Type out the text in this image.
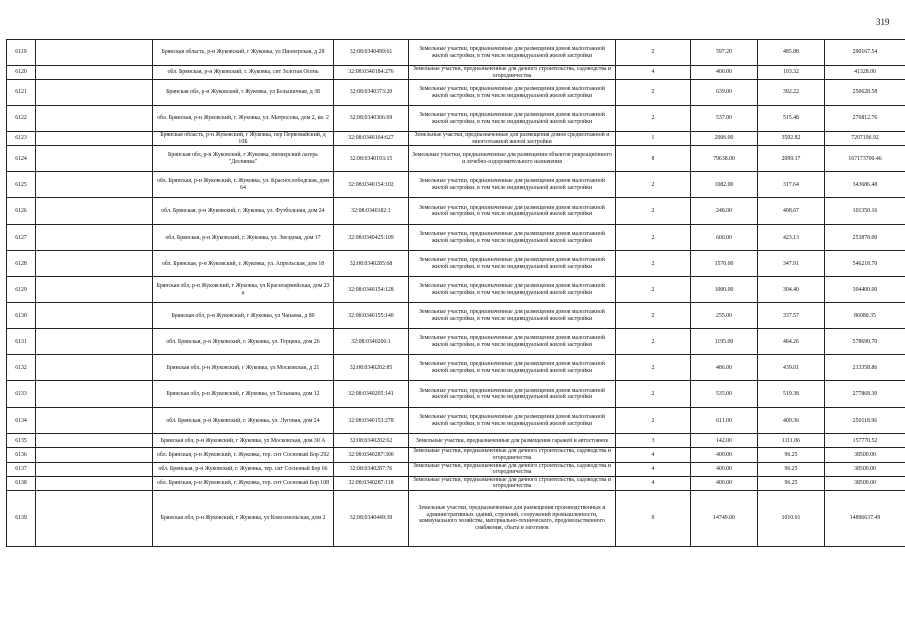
319
6119		Брянская область, р-н Жуковский, г Жуковка, ул Пионерская, д 28	32:08:0340499:61	Земельные участки, предназначенные для размещения домов малоэтажной жилой застройки, в том числе индивидуальной жилой застройки	2	597.20	485.88	290167.54
6120		обл. Брянская, р-н Жуковский, г. Жуковка, снт Золотая Осень	32:08:0340184:276	Земельные участки, предназначенные для дачного строительства, садоводства и огородничества	4	400.00	103.32	41328.00
6121		Брянская обл, р-н Жуковский, г Жуковка, ул Большичная, д 38	32:08:0340373:20	Земельные участки, предназначенные для размещения домов малоэтажной жилой застройки, в том числе индивидуальной жилой застройки	2	639.00	392.22	250628.58
6122		обл. Брянская, р-н Жуковский, г. Жуковка, ул. Матросова, дом 2, кв. 2	32:08:0340366:69	Земельные участки, предназначенные для размещения домов малоэтажной жилой застройки, в том числе индивидуальной жилой застройки	2	537.00	515.48	276812.76
6123		Брянская область, р-н Жуковский, г Жуковка, пер Первомайский, д 10Б	32:08:0340164:627	Земельные участки, предназначенные для размещения домов среднеэтажной и многоэтажной жилой застройки	1	2006.00	3592.82	7207196.92
6124		Брянская обл, р-н Жуковский, г Жуковка, пионерский лагерь "Деснянка"	32:08:0340193:15	Земельные участки, предназначенные для размещения объектов рекреационного и лечебно-оздоровительного назначения	8	79638.00	2099.17	167173700.46
6125		обл. Брянская, р-н Жуковский, г. Жуковка, ул. Краснослободская, дом 64	32:08:0340154:102	Земельные участки, предназначенные для размещения домов малоэтажной жилой застройки, в том числе индивидуальной жилой застройки	2	1082.00	317.64	343686.48
6126		обл. Брянская, р-н Жуковский, г. Жуковка, ул. Футбольная, дом 24	32:08:0340182:1	Земельные участки, предназначенные для размещения домов малоэтажной жилой застройки, в том числе индивидуальной жилой застройки	2	248.00	408.67	101350.16
6127		обл. Брянская, р-н Жуковский, г. Жуковка, ул. Звездная, дом 17	32:08:0340425:109	Земельные участки, предназначенные для размещения домов малоэтажной жилой застройки, в том числе индивидуальной жилой застройки	2	600.00	423.13	253878.00
6128		обл. Брянская, р-н Жуковский, г. Жуковка, ул. Апрельская, дом 18	32:08:0340285:68	Земельные участки, предназначенные для размещения домов малоэтажной жилой застройки, в том числе индивидуальной жилой застройки	2	1570.00	347.91	546218.70
6129		Брянская обл, р-н Жуковский, г Жуковка, ул Красноармейская, дом 23 а	32:08:0340154:128	Земельные участки, предназначенные для размещения домов малоэтажной жилой застройки, в том числе индивидуальной жилой застройки	2	1000.00	304.40	304400.00
6130		Брянская обл, р-н Жуковский, г Жуковка, ул Чапаева, д 80	32:08:0340155:140	Земельные участки, предназначенные для размещения домов малоэтажной жилой застройки, в том числе индивидуальной жилой застройки	2	255.00	337.57	86080.35
6131		обл. Брянская, р-н Жуковский, г. Жуковка, ул. Герцена, дом 26	32:08:0340206:1	Земельные участки, предназначенные для размещения домов малоэтажной жилой застройки, в том числе индивидуальной жилой застройки	2	1195.00	484.26	578690.70
6132		Брянская обл, р-н Жуковский, г Жуковка, ул Московская, д 21	32:08:0340202:85	Земельные участки, предназначенные для размещения домов малоэтажной жилой застройки, в том числе индивидуальной жилой застройки	2	486.00	439.01	213358.86
6133		Брянская обл, р-н Жуковский, г Жуковка, ул Тельмана, дом 12	32:08:0340205:141	Земельные участки, предназначенные для размещения домов малоэтажной жилой застройки, в том числе индивидуальной жилой застройки	2	535.00	519.38	277868.30
6134		обл. Брянская, р-н Жуковский, г. Жуковка, ул. Луговая, дом 24	32:08:0340153:278	Земельные участки, предназначенные для размещения домов малоэтажной жилой застройки, в том числе индивидуальной жилой застройки	2	611.00	409.36	250118.96
6135		Брянская обл, р-н Жуковский, г Жуковка, ул Московская, дом 30 А	32:08:0340202:62	Земельные участки, предназначенные для размещения гаражей и автостоянок	3	142.00	1111.06	157770.52
6136		обл. Брянская, р-н Жуковский, г. Жуковка, тер. снт Сосновый Бор 292	32:08:0340287:300	Земельные участки, предназначенные для дачного строительства, садоводства и огородничества	4	400.00	96.25	38500.00
6137		обл. Брянская, р-н Жуковский, г. Жуковка, тер. снт Сосновый Бор 66	32:08:0340287:76	Земельные участки, предназначенные для дачного строительства, садоводства и огородничества	4	400.00	96.25	38500.00
6138		обл. Брянская, р-н Жуковский, г. Жуковка, тер. снт Сосновый Бор 108	32:08:0340287:118	Земельные участки, предназначенные для дачного строительства, садоводства и огородничества	4	400.00	96.25	38500.00
6139		Брянская обл, р-н Жуковский, г Жуковка, ул Комсомольская, дом 2	32:08:0340449:39	Земельные участки, предназначенные для размещения производственных и административных зданий, строений, сооружений промышленности, коммунального хозяйства, материально-технического, продовольственного снабжения, сбыта и заготовок	9	14749.00	1010.01	14896637.49
